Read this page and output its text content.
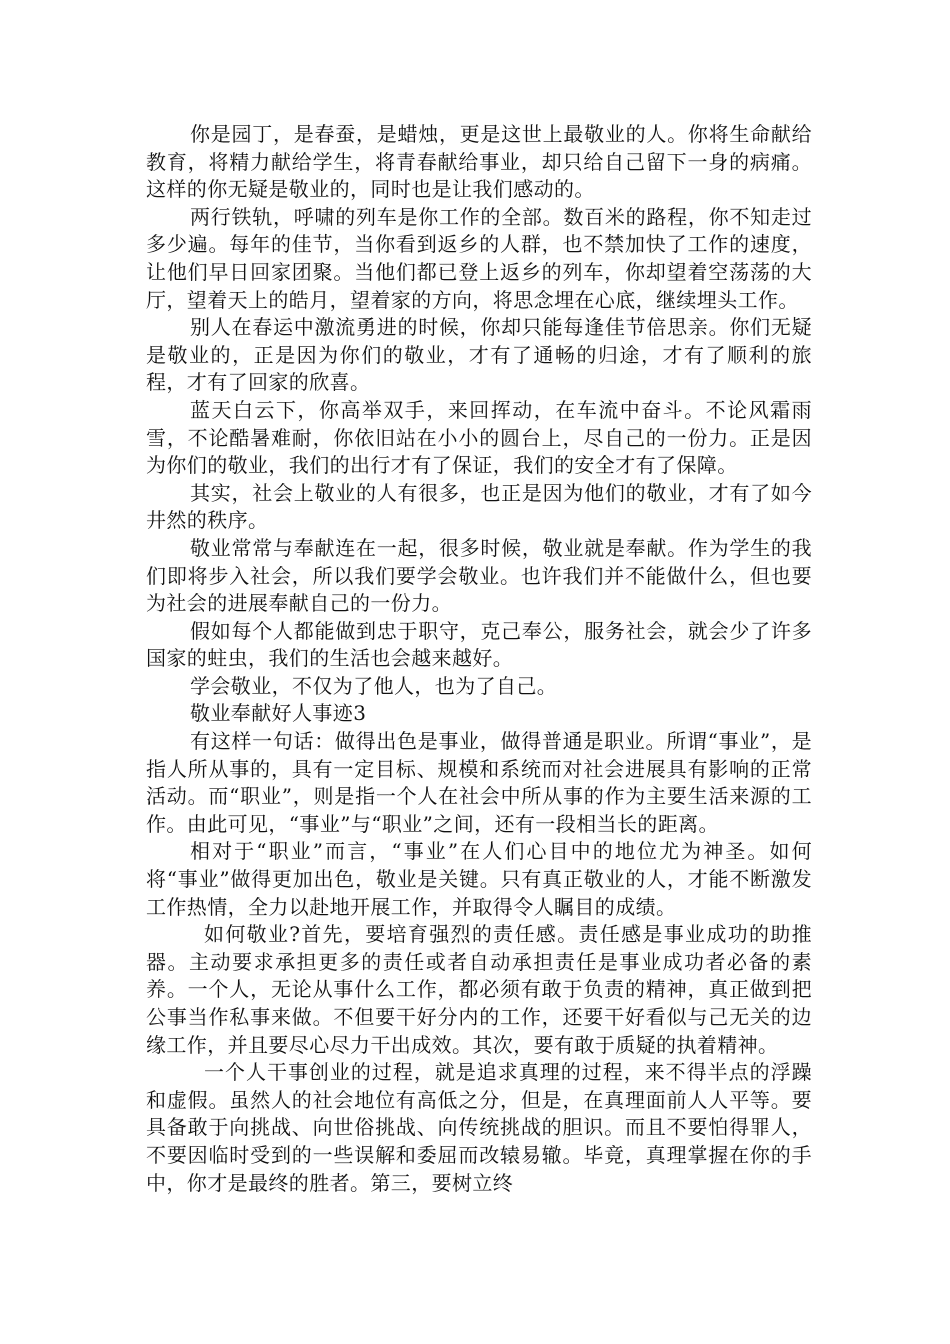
你是园丁，是春蚕，是蜡烛，更是这世上最敬业的人。你将生命献给教育，将精力献给学生，将青春献给事业，却只给自己留下一身的病痛。这样的你无疑是敬业的，同时也是让我们感动的。

两行铁轨，呼啸的列车是你工作的全部。数百米的路程，你不知走过多少遍。每年的佳节，当你看到返乡的人群，也不禁加快了工作的速度，让他们早日回家团聚。当他们都已登上返乡的列车，你却望着空荡荡的大厅，望着天上的皓月，望着家的方向，将思念埋在心底，继续埋头工作。

别人在春运中激流勇进的时候，你却只能每逢佳节倍思亲。你们无疑是敬业的，正是因为你们的敬业，才有了通畅的归途，才有了顺利的旅程，才有了回家的欣喜。

蓝天白云下，你高举双手，来回挥动，在车流中奋斗。不论风霜雨雪，不论酷暑难耐，你依旧站在小小的圆台上，尽自己的一份力。正是因为你们的敬业，我们的出行才有了保证，我们的安全才有了保障。

其实，社会上敬业的人有很多，也正是因为他们的敬业，才有了如今井然的秩序。

敬业常常与奉献连在一起，很多时候，敬业就是奉献。作为学生的我们即将步入社会，所以我们要学会敬业。也许我们并不能做什么，但也要为社会的进展奉献自己的一份力。

假如每个人都能做到忠于职守，克己奉公，服务社会，就会少了许多国家的蛀虫，我们的生活也会越来越好。

学会敬业，不仅为了他人，也为了自己。

敬业奉献好人事迹3

有这样一句话：做得出色是事业，做得普通是职业。所谓“事业”，是指人所从事的，具有一定目标、规模和系统而对社会进展具有影响的正常活动。而“职业”，则是指一个人在社会中所从事的作为主要生活来源的工作。由此可见，“事业”与“职业”之间，还有一段相当长的距离。

相对于“职业”而言，“事业”在人们心目中的地位尤为神圣。如何将“事业”做得更加出色，敬业是关键。只有真正敬业的人，才能不断激发工作热情，全力以赴地开展工作，并取得令人瞩目的成绩。

如何敬业?首先，要培育强烈的责任感。责任感是事业成功的助推器。主动要求承担更多的责任或者自动承担责任是事业成功者必备的素养。一个人，无论从事什么工作，都必须有敢于负责的精神，真正做到把公事当作私事来做。不但要干好分内的工作，还要干好看似与己无关的边缘工作，并且要尽心尽力干出成效。其次，要有敢于质疑的执着精神。

一个人干事创业的过程，就是追求真理的过程，来不得半点的浮躁和虚假。虽然人的社会地位有高低之分，但是，在真理面前人人平等。要具备敢于向挑战、向世俗挑战、向传统挑战的胆识。而且不要怕得罪人，不要因临时受到的一些误解和委屈而改辕易辙。毕竟，真理掌握在你的手中，你才是最终的胜者。第三，要树立终
